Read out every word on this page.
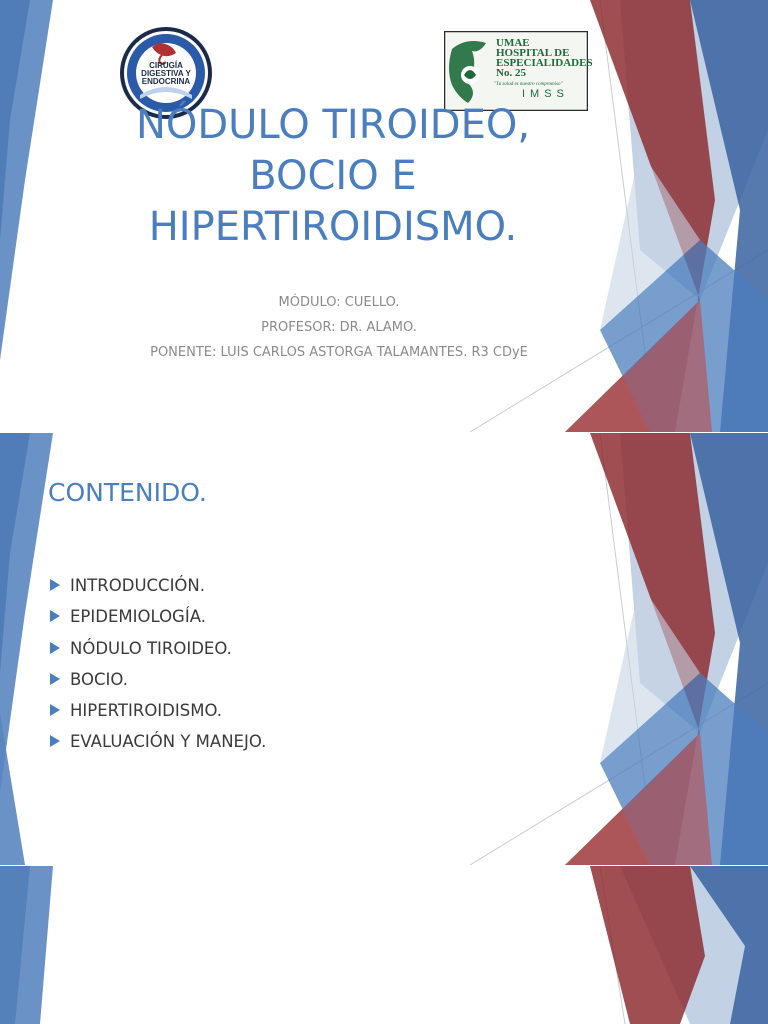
CIRUGÍA
DIGESTIVA Y
ENDOCRINA
UMAE
HOSPITAL DE
ESPECIALIDADES
No. 25
"Tu salud es nuestro compromiso"
IMSS
NÓDULO TIROIDEO,
BOCIO E
HIPERTIROIDISMO.
MÓDULO: CUELLO.
PROFESOR: DR. ALAMO.
PONENTE: LUIS CARLOS ASTORGA TALAMANTES. R3 CDyE
CONTENIDO.
INTRODUCCIÓN.
EPIDEMIOLOGÍA.
NÓDULO TIROIDEO.
BOCIO.
HIPERTIROIDISMO.
EVALUACIÓN Y MANEJO.
